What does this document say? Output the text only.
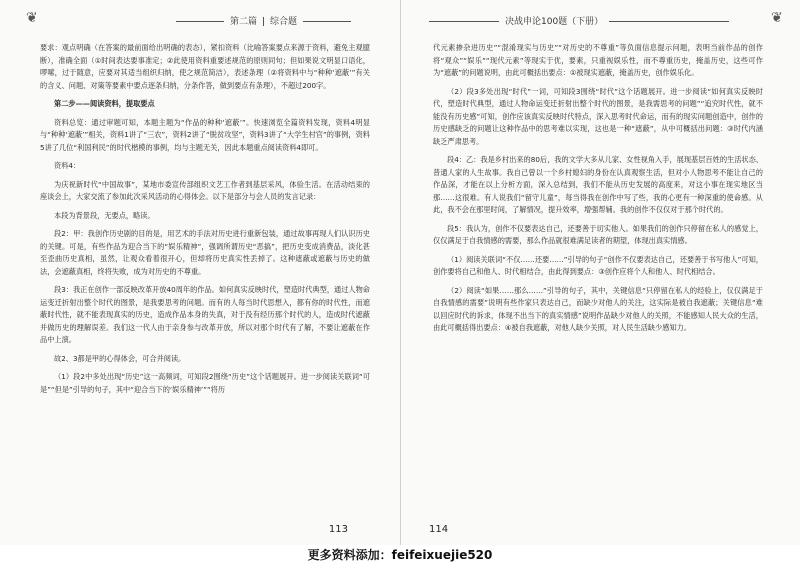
❦	第二篇 综合题

要求：观点明确（在答案的最前面给出明确的表态），紧扣资料（比喻答案要点来源于资料，避免主观臆断），准确全面（①时间表达要事准定；②此使用资料重要述规范的原则同句；但如果说文明显口语化，啰嗦，过于随意，应要对其适当组织归纳，使之规范简洁），表述条理（②将资料中与“种种‘遮蔽’”有关的含义、问题、对策等要素中要点逐条归纳，分条作答，做到要点有条理），不超过200字。

第二步——阅读资料，提取要点

资料总览：通过审题可知，本题主题为“作品的种种‘遮蔽’”。快速浏览全篇资料发现，资料4明显与“种种‘遮蔽’”相关，资料1讲了“三农”，资料2讲了“脱贫攻坚”，资料3讲了“大学生村官”的事例，资料5讲了几位“利国利民”的时代楷模的事例，均与主题无关，因此本题重点阅读资料4即可。

资料4：

为庆祝新时代“中国故事”，某地市委宣传部组织文艺工作者到基层采风，体验生活。在活动结束的座谈会上，大家交流了参加此次采风活动的心得体会。以下是部分与会人员的发言记录：

本段为背景段，无要点，略读。

段2：甲：我创作历史剧的目的是，用艺术的手法对历史进行重新包装，通过故事再现人们认识历史的关键。可是，有些作品为迎合当下的“娱乐精神”，强调所谓历史“恶搞”，把历史变成消费品，淡化甚至歪曲历史真相，虽然，让观众看着很开心，但却将历史真实性丢掉了。这种遮蔽或遮蔽与历史的做法，会遮蔽真相，终将失败，成为对历史的不尊重。

段3：我正在创作一部反映改革开放40周年的作品。如何真实反映时代，塑造时代典型，通过人物命运变迁折射出整个时代的图景，是我要思考的问题。而有的人每当时代思想入，都有你的时代性，而遮蔽时代性，就不能表现真实的历史，造成作品本身的失真，对于没有经历那个时代的人，造成时代遮蔽并做历史的理解误差。我们这一代人由于亲身参与改革开放，所以对那个时代有了解，不要让遮蔽在作品中上演。

故2、3都是甲的心得体会，可合并阅读。

（1）段2中多处出现“历史”这一高频词，可知段2围绕“历史”这个话题展开。进一步阅读关联词“可是”“但是”引导的句子，其中“迎合当下的‘娱乐精神’”“将历

113
决战申论100题（下册）	❦

代元素掺杂进历史”“混淆现实与历史”“对历史的不尊重”等负面信息提示问题，表明当前作品的创作将“观众”“娱乐”“现代元素”等现实于优，要素，只重视娱乐性，而不尊重历史，掩盖历史，这些可作为“遮蔽”的问题说明，由此可概括出要点：①被现实遮蔽，掩盖历史，创作娱乐化。

（2）段3多处出现“时代”一词，可知段3围绕“时代”这个话题展开。进一步阅读“如何真实反映时代，塑造时代典型，通过人物命运变迁折射出整个时代的图景，是我需思考的问题”“追究时代性，就不能没有历史感”可知，创作应该真实反映时代特点，深入思考时代命运，而有的现实问题创造中，创作的历史感缺乏的问题让这种作品中的思考难以实现，这也是一种“遮蔽”，从中可概括出问题：③时代内涵缺乏严肃思考。

段4：乙：我是乡村出来的80后，我的文学大多从儿家、女性视角入手，展现基层百姓的生活状态、普通人家的人生故事。我自己曾以一个乡村媳妇的身份在认真观察生活，但对小人物思考不能让自己的作品深，才能在以上分析方面，深入总结到，我们不能从历史发展的高度来，对这小事在现实地区当那……这很难。有人说我们“留守儿童”，每当得我在创作中写了些，我的心更有一种深重的使命感。从此，我不会在那里时间，了解情况，提升效率，增强帮辅。我的创作不仅仅对于那个时代的。

段5：我认为，创作不仅要表达自己，还要善于切实他人。如果我们的创作只停留在私人的感觉上，仅仅满足于自我情感的需要，那么作品就很难满足读者的期望，体现出真实情感。

（1）阅读关联词“不仅……还要……”引导的句子“创作不仅要表达自己，还要善于书写他人”可知，创作要将自己和他人、时代相结合，由此得到要点：③创作应将个人和他人、时代相结合。

（2）阅读“如果……那么……”引导的句子，其中，关键信息“只停留在私人的经验上，仅仅满足于自我情感的需要”说明有些作家只表达自己，而缺少对他人的关注，这实际是被自我遮蔽；关键信息“难以回应时代的诉求，体现不出当下的真实情感”说明作品缺少对他人的关照，不能感知人民大众的生活，由此可概括得出要点：④被自我遮蔽，对他人缺少关照，对人民生活缺少感知力。

114
更多资料添加：feifeixuejie520
